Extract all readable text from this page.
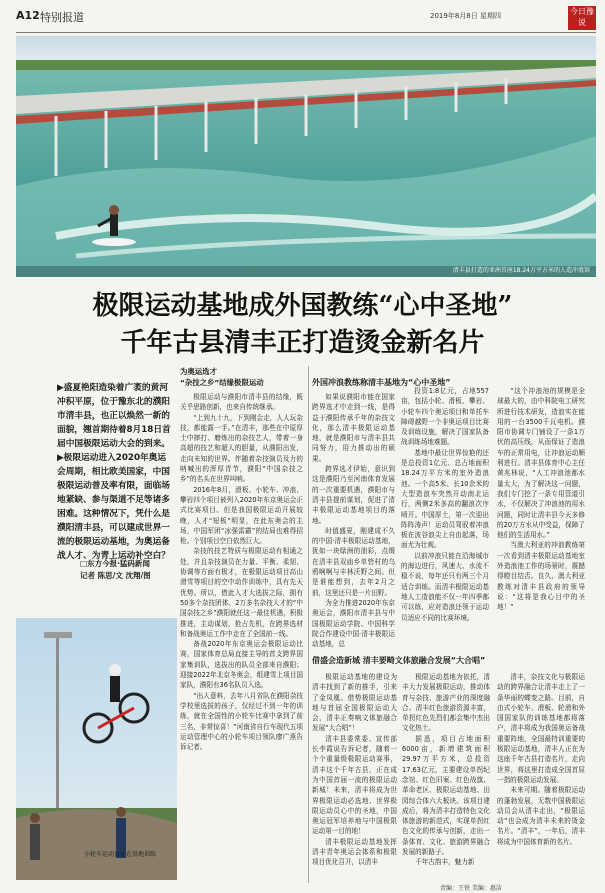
A12 特别报道	2019年8月8日 星期四	今日豫说
清丰县打造的亚洲首座18.24万平方米的人造冲浪馆
极限运动基地成外国教练“心中圣地”
千年古县清丰正打造烫金新名片

▶盛夏艳阳造染着广袤的黄河冲积平原，位于豫东北的濮阳市清丰县，也正以焕然一新的面貌，翘首期待着8月18日首届中国极限运动大会的到来。

▶极限运动进入2020年奥运会周期，相比欧美国家，中国极限运动普及率有限，面临场地紧缺、参与渠道不足等诸多困难。这种情况下，凭什么是濮阳清丰县，可以建成世界一流的极限运动基地，为奥运备战人才、为青上运动补空白？

□东方今报·猛码新闻
记者 陈思/文 沈翔/图
小轮车运动员正在基地训练
为奥运选才
“杂技之乡”结缘极限运动

极限运动与濮阳市清丰县的结缘，既关乎思路创新，也来自传统继承。

“上到九十九，下到刚会走，人人玩杂技，都能露一手。”在清丰，那些在中原厚土中摔打、磨炼出的杂技艺人，带着一身高超的技艺和超人的胆量，从濮阳出发，走向未知的世界。伴随着杂技演员及力的呐喊出的浑厚青节，濮阳“中国杂技之乡”的名头在世界叫响。

2016年8月，滑板、小轮车、冲浪、攀岩四个项目被列入2020年东京奥运会正式比赛项目。但是我国极限运动开展较晚，人才“短板”明显，在此东奥会的主场，中国军团“冰强雷霸”的结局也难得招枪。个别项目空白依然巨大。

杂技的技艺特质与极限运动有相通之处，并且杂技演员在力量、平衡、柔韧、协调等方面有极才，在极限运动项目高山滑雪等项目的空中动作训练中，具有先天优势。所以，借此入才大选拔之际，拥有50多个杂技团体、2万多名杂技人才的“中国杂技之乡”濮阳就任这一最佳机遇，积极推进，主动谋划，抢占先机，在跨界选材和备战奥运工作中走在了全国前一线。

备战2020年东京奥运会极限运动比赛，国家体育总局直接主导的首支跨界国家集训队，选拔出的队员全部来自濮阳；迎接2022年北京冬奥会，组建雪上项目国家队，濮阳有36名队员入选。

“出人意料，去年八月省队在濮阳杂技学校里选拔的孩子，仅经过不到一年的训练，就在全国性的小轮车比赛中拿到了前三名，非常惊喜！”河南省自行车现代五项运动管理中心的小轮车项目领队廖广燕告诉记者。

外国冲浪教练称清丰基地为“心中圣地”

如果说濮阳市能在国家跨界选才中走到一线，是得益于濮阳传承千年的杂技文化，那么清丰极限运动基地，就是濮阳市与清丰县共同努力，用力推动出的硕果。

跨界选才伊始，意识到这是濮阳乃至河南体育发展的一次重要机遇，濮阳市与清丰县提前谋划，促进了清丰极限运动基地项目的落地。

时值盛夏，刚建成不久的中国·清丰极限运动基地，犹如一块绿洲的油彩，点缀在清丰县双庙乡单砦村的乌鸦啊啊与丰林沃野之间。但是谁能想到，去年2月之前，这里还只是一片田野。

为全力推进2020年东京奥运会，濮阳市清丰县与中国极限运动学院、中国科学院合作建设中国·清丰极限运动基地，总

投资1.8亿元，占地557亩，包括小轮、滑板、攀岩、小轮车四个奥运项目和单托车障碍越野一个非奥运项目比赛及训练设施，解决了国家队备战训练场地难题。

基地中最让世界惊艳的还是总投资1亿元、总占地面积18.24万平方米的室外造浪池。一个高5米、长10余米的大型造浪车突然开动南北运行，两侧2米多高的翻浪次序喷开。中国厚土，第一次迎出阵阵涛声！运动员驾驭着冲浪板在波谷浪尖上自由起落，场面尤为壮观。

以前冲浪只能在沿海城市的海边进行，风速大、水流不稳不说，每年还只有两三个月适合训练。而清丰极限运动基地人工造浪能不仅一年四季都可以练，应对造浪还领于运动员适应不同的比赛环境。

“这个冲浪池的规模是全球最大的，由中科院电工研究所进行技术研发，造浪实在能用的一台3500千瓦电机。濮阳市协调专门铺设了一条1万伏的高压线，从而保证了造浪车的正常用电，让冲浪运动顺利进行。清丰县体育中心主任黄兆林说，“人工冲浪池都水量太大，为了解决这一问题，我们专门挖了一条专用管道引水，不仅解决了冲浪池的用水问题，同时让清丰县今天多修的20万方水从中受益，保障了他们的生活用水。”

当澳大利亚的冲浪教练第一次看到清丰极限运动基地室外造浪池工作的场景时，震撼得瞪目结舌。良久，澳大利亚教练对清丰县政府的领导说：“这将是我心目中的圣地！”

借盛会造新城 清丰要畸文体旅融合发展“大合唱”

极限运动基地的建设为清丰找到了新的推手，引来了金凤凰。借势极限运动基地与首届全国极限运动大会，清丰正奏响文体旅融合发展“大合唱”！

清丰县委常委、宣传部长李霞说告诉记者，随着一个个重量级极限运动赛事，清丰这个千年古县，正在成为中国首届一流的极限运动新城！未来，清丰将成为世界极限运动必选地、世界极限运动员心中的圣地，中国奥运冠军培养地与中国极限运动第一目的地！

清丰极限运动基地发挥清丰青年奥运会体系和极限项目优化召开，以清丰

极限运动基地为依托，清丰大力发展极限运动，推动体育与杂技、旅游产业的深度融合。清丰红色旅游资源丰富，单拐红色先烈们都会集中杰出文化热土。

据悉，项目占地面积6000亩，新增建筑面积29.97万平方米，总投资17.63亿元，主要建设单拐纪念馆、红色旧案、红色战旗、革命老区、极限运动基地、田园综合体六大板块。该项目建成后，将为清丰打造特色文化体旅游的新范式，实现单拐红色文化的传承与创新，走出一条体育、文化、旅游跨界融合发展的新路子。

千年古韵丰，魅力新

清丰，杂技文化与极限运动的跨界融合让清丰走上了一条华丽的蝶变之路。目前，自由式小轮车、滑板、轮滑和外国国家队的训练基地都将落户，清丰将成为我国奥运备战重要阵地，全国最特训重要的极限运动基地，清丰人正在为这座千年古县打造名片，走向世界，将这里打造成全国首屈一指的极限运动发展。

未来可期。随着极限运动的蓬勃发展，无数中国极限运动员会从清丰走出，“极限运动”也会成为清丰未来的烫金名片。“清丰”，一年后，清丰将成为中国体育新的名片。

责编：王铁 美编：惠洁
